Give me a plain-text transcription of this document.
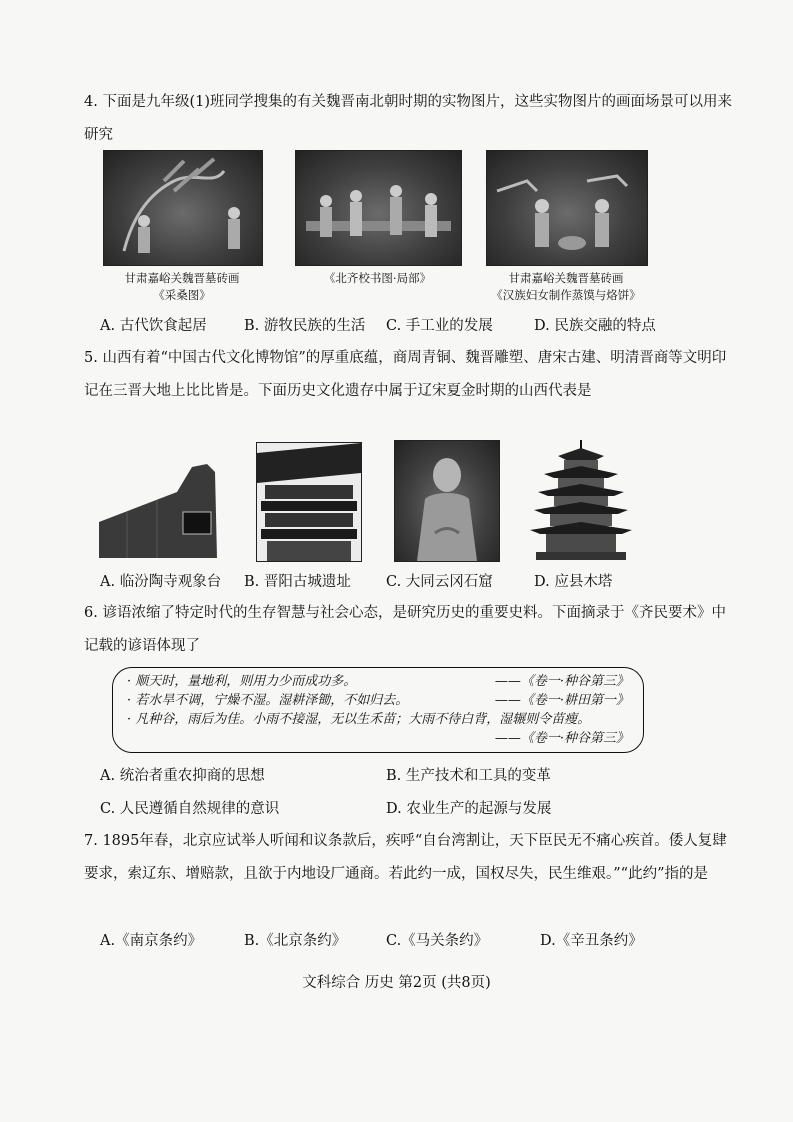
4. 下面是九年级(1)班同学搜集的有关魏晋南北朝时期的实物图片，这些实物图片的画面场景可以用来研究

甘肃嘉峪关魏晋墓砖画
《采桑图》
《北齐校书图·局部》	甘肃嘉峪关魏晋墓砖画
《汉族妇女制作蒸馍与烙饼》
A. 古代饮食起居	B. 游牧民族的生活 C. 手工业的发展	D. 民族交融的特点

5. 山西有着“中国古代文化博物馆”的厚重底蕴，商周青铜、魏晋雕塑、唐宋古建、明清晋商等文明印记在三晋大地上比比皆是。下面历史文化遗存中属于辽宋夏金时期的山西代表是

A. 临汾陶寺观象台 B. 晋阳古城遗址 C. 大同云冈石窟	D. 应县木塔

6. 谚语浓缩了特定时代的生存智慧与社会心态，是研究历史的重要史料。下面摘录于《齐民要术》中记载的谚语体现了

· 顺天时，量地利，则用力少而成功多。	——《卷一·种谷第三》
· 若水旱不调，宁燥不湿。湿耕泽锄，不如归去。	——《卷一·耕田第一》
· 凡种谷，雨后为佳。小雨不接湿，无以生禾苗；大雨不待白背，湿辗则令苗瘦。
——《卷一·种谷第三》
A. 统治者重农抑商的思想	B. 生产技术和工具的变革
C. 人民遵循自然规律的意识	D. 农业生产的起源与发展

7. 1895年春，北京应试举人听闻和议条款后，疾呼“自台湾割让，天下臣民无不痛心疾首。倭人复肆要求，索辽东、增赔款，且欲于内地设厂通商。若此约一成，国权尽失，民生维艰。”“此约”指的是

A.《南京条约》	B.《北京条约》	C.《马关条约》	D.《辛丑条约》
文科综合 历史 第2页 (共8页)
